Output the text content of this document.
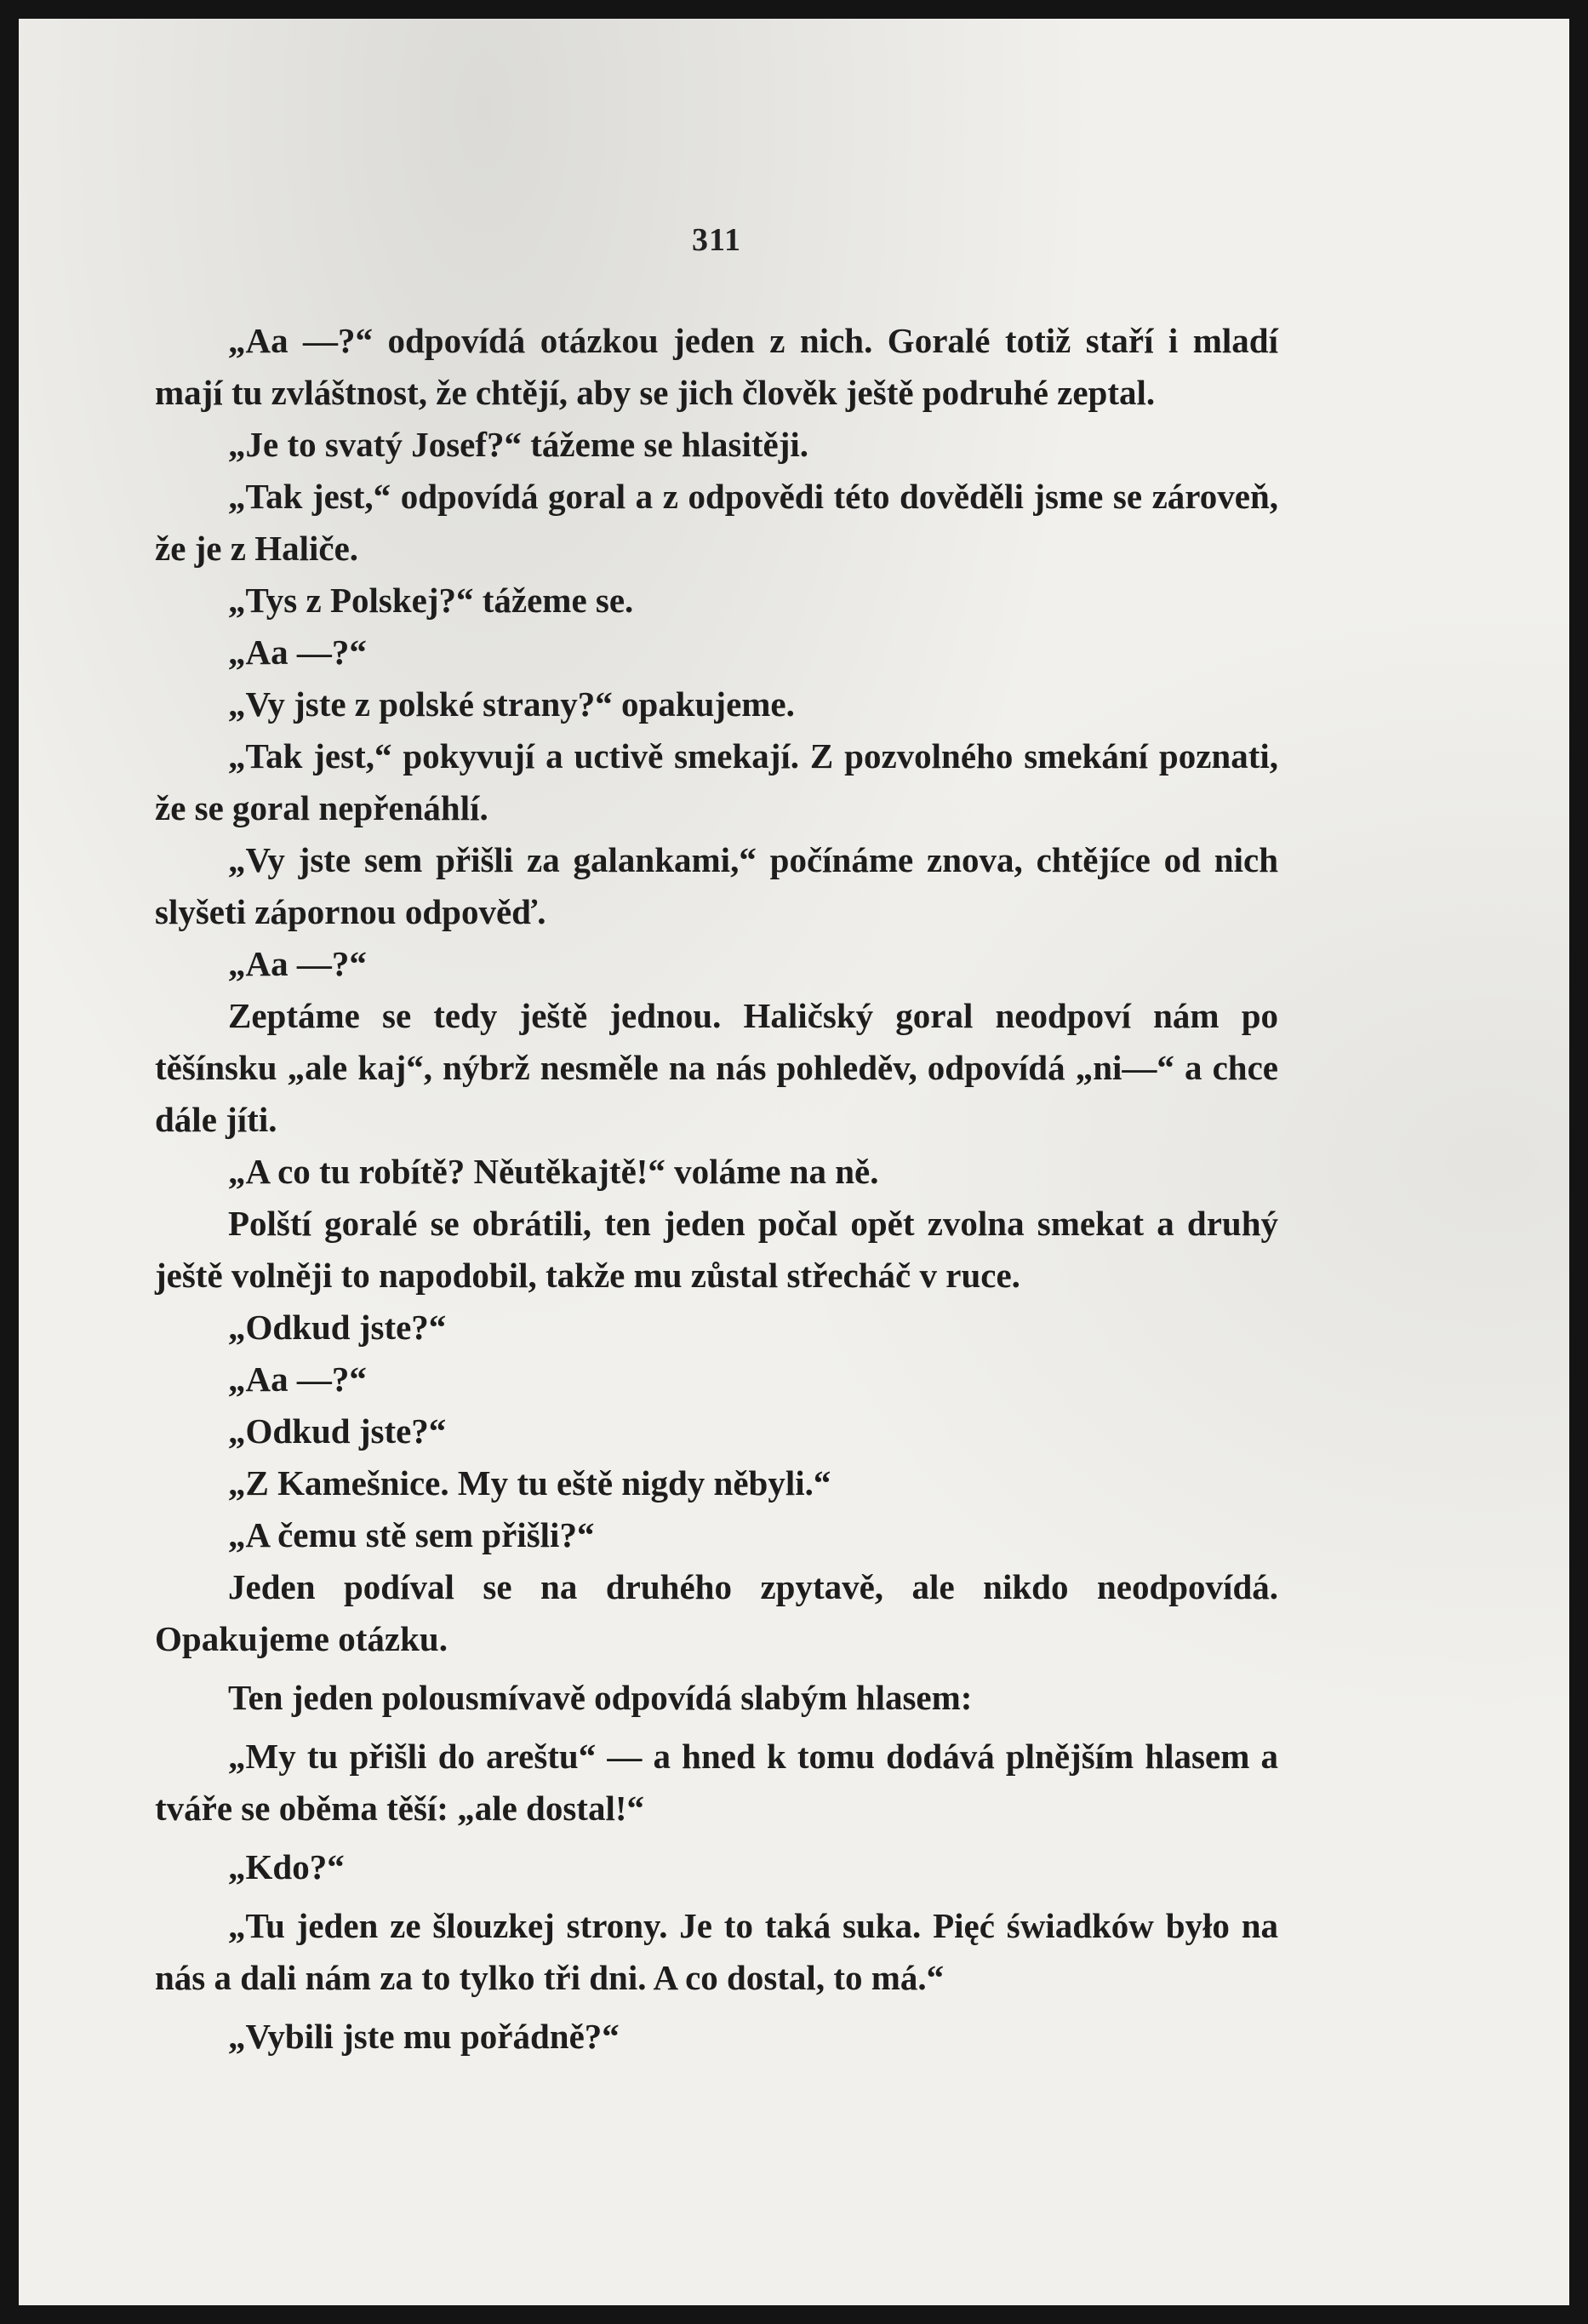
311

„Aa —?“ odpovídá otázkou jeden z nich. Goralé totiž staří i mladí mají tu zvláštnost, že chtějí, aby se jich člověk ještě podruhé zeptal.

„Je to svatý Josef?“ tážeme se hlasitěji.

„Tak jest,“ odpovídá goral a z odpovědi této dověděli jsme se zároveň, že je z Haliče.

„Tys z Polskej?“ tážeme se.

„Aa —?“

„Vy jste z polské strany?“ opakujeme.

„Tak jest,“ pokyvují a uctivě smekají. Z pozvolného smekání poznati, že se goral nepřenáhlí.

„Vy jste sem přišli za galankami,“ počínáme znova, chtějíce od nich slyšeti zápornou odpověď.

„Aa —?“

Zeptáme se tedy ještě jednou. Haličský goral neodpoví nám po těšínsku „ale kaj“, nýbrž nesměle na nás pohleděv, odpovídá „ni—“ a chce dále jíti.

„A co tu robítě? Něutěkajtě!“ voláme na ně.

Polští goralé se obrátili, ten jeden počal opět zvolna smekat a druhý ještě volněji to napodobil, takže mu zůstal střecháč v ruce.

„Odkud jste?“

„Aa —?“

„Odkud jste?“

„Z Kamešnice. My tu eště nigdy něbyli.“

„A čemu stě sem přišli?“

Jeden podíval se na druhého zpytavě, ale nikdo neodpovídá. Opakujeme otázku.

Ten jeden polousmívavě odpovídá slabým hlasem:

„My tu přišli do areštu“ — a hned k tomu dodává plnějším hlasem a tváře se oběma těší: „ale dostal!“

„Kdo?“

„Tu jeden ze šlouzkej strony. Je to taká suka. Pięć świadków było na nás a dali nám za to tylko tři dni. A co dostal, to má.“

„Vybili jste mu pořádně?“
